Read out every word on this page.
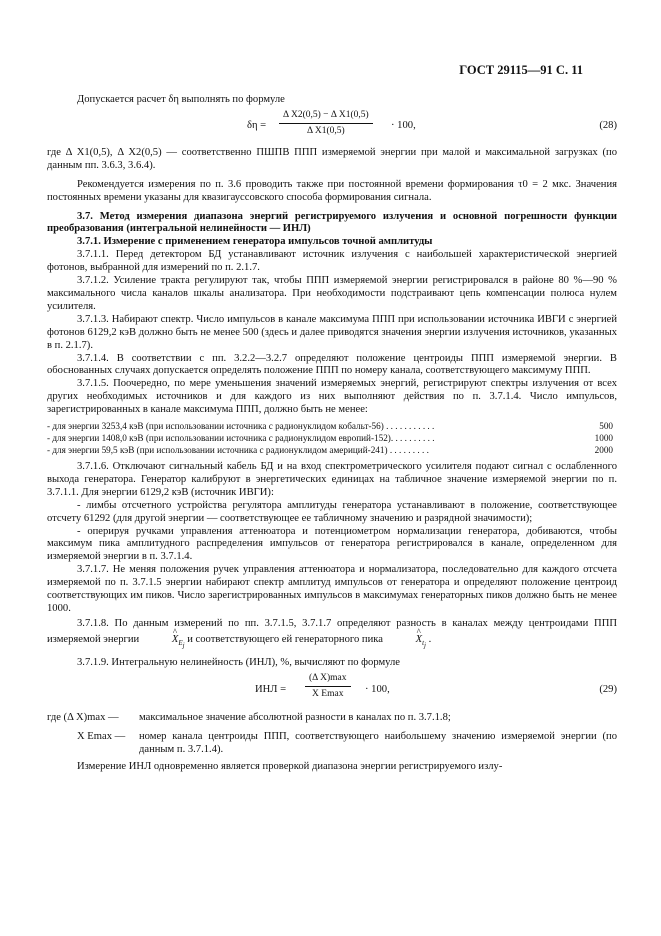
ГОСТ 29115—91 С. 11

Допускается расчет δη выполнять по формуле

δη =
Δ X2(0,5) − Δ X1(0,5)
Δ X1(0,5)	· 100,	(28)

где Δ X1(0,5), Δ X2(0,5) — соответственно ПШПВ ППП измеряемой энергии при малой и максимальной загрузках (по данным пп. 3.6.3, 3.6.4).

Рекомендуется измерения по п. 3.6 проводить также при постоянной времени формирования τ0 = 2 мкс. Значения постоянных времени указаны для квазигауссовского способа формирования сигнала.

3.7. Метод измерения диапазона энергий регистрируемого излучения и основной погрешности функции преобразования (интегральной нелинейности — ИНЛ)

3.7.1. Измерение с применением генератора импульсов точной амплитуды

3.7.1.1. Перед детектором БД устанавливают источник излучения с наибольшей характеристической энергией фотонов, выбранной для измерений по п. 2.1.7.

3.7.1.2. Усиление тракта регулируют так, чтобы ППП измеряемой энергии регистрировался в районе 80 %—90 % максимального числа каналов шкалы анализатора. При необходимости подстраивают цепь компенсации полюса нулем усилителя.

3.7.1.3. Набирают спектр. Число импульсов в канале максимума ППП при использовании источника ИВГИ с энергией фотонов 6129,2 кэВ должно быть не менее 500 (здесь и далее приводятся значения энергии излучения источников, указанных в п. 2.1.7).

3.7.1.4. В соответствии с пп. 3.2.2—3.2.7 определяют положение центроиды ППП измеряемой энергии. В обоснованных случаях допускается определять положение ППП по номеру канала, соответствующего максимуму ППП.

3.7.1.5. Поочередно, по мере уменьшения значений измеряемых энергий, регистрируют спектры излучения от всех других необходимых источников и для каждого из них выполняют действия по п. 3.7.1.4. Число импульсов, зарегистрированных в канале максимума ППП, должно быть не менее:

- для энергии 3253,4 кэВ (при использовании источника с радионуклидом кобальт-56) . . . . . . . . . . .	500
- для энергии 1408,0 кэВ (при использовании источника с радионуклидом европий-152). . . . . . . . . .	1000
- для энергии 59,5 кэВ (при использовании источника с радионуклидом америций-241) . . . . . . . . .	2000

3.7.1.6. Отключают сигнальный кабель БД и на вход спектрометрического усилителя подают сигнал с ослабленного выхода генератора. Генератор калибруют в энергетических единицах на табличное значение измеряемой энергии по п. 3.7.1.1. Для энергии 6129,2 кэВ (источник ИВГИ):

- лимбы отсчетного устройства регулятора амплитуды генератора устанавливают в положение, соответствующее отсчету 61292 (для другой энергии — соответствующее ее табличному значению и разрядной значимости);

- оперируя ручками управления аттенюатора и потенциометром нормализации генератора, добиваются, чтобы максимум пика амплитудного распределения импульсов от генератора регистрировался в канале, определенном для измеряемой энергии в п. 3.7.1.4.

3.7.1.7. Не меняя положения ручек управления аттенюатора и нормализатора, последовательно для каждого отсчета измеряемой по п. 3.7.1.5 энергии набирают спектр амплитуд импульсов от генератора и определяют положение центроид соответствующих им пиков. Число зарегистрированных импульсов в максимумах генераторных пиков должно быть не менее 1000.

3.7.1.8. По данным измерений по пп. 3.7.1.5, 3.7.1.7 определяют разность в каналах между центроидами ППП измеряемой энергии	^ $X_{E_j}$ и соответствующего ей генераторного пика	^ $X_{t_j}$ .

3.7.1.9. Интегральную нелинейность (ИНЛ), %, вычисляют по формуле

ИНЛ =
(Δ X)max
X Emax	· 100,	(29)
где (Δ X)max — максимальное значение абсолютной разности в каналах по п. 3.7.1.8;

X Emax — номер канала центроиды ППП, соответствующего наибольшему значению измеряемой энергии (по данным п. 3.7.1.4).

Измерение ИНЛ одновременно является проверкой диапазона энергии регистрируемого излу-
